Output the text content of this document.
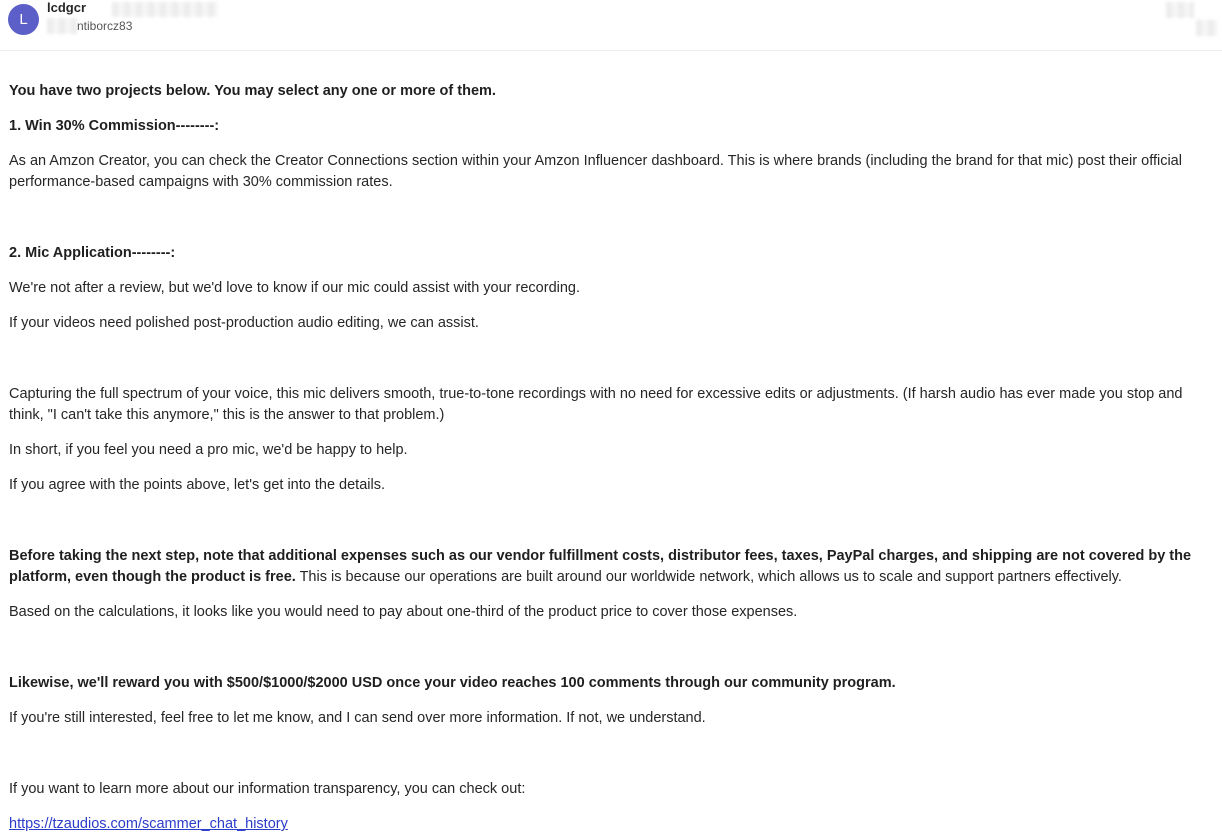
L
lcdgcr
ntiborcz83

You have two projects below. You may select any one or more of them.

1. Win 30% Commission--------:

As an Amzon Creator, you can check the Creator Connections section within your Amzon Influencer dashboard. This is where brands (including the brand for that mic) post their official performance-based campaigns with 30% commission rates.

2. Mic Application--------:

We're not after a review, but we'd love to know if our mic could assist with your recording.

If your videos need polished post-production audio editing, we can assist.

Capturing the full spectrum of your voice, this mic delivers smooth, true-to-tone recordings with no need for excessive edits or adjustments. (If harsh audio has ever made you stop and think, "I can't take this anymore," this is the answer to that problem.)

In short, if you feel you need a pro mic, we'd be happy to help.

If you agree with the points above, let's get into the details.

Before taking the next step, note that additional expenses such as our vendor fulfillment costs, distributor fees, taxes, PayPal charges, and shipping are not covered by the platform, even though the product is free. This is because our operations are built around our worldwide network, which allows us to scale and support partners effectively.

Based on the calculations, it looks like you would need to pay about one-third of the product price to cover those expenses.

Likewise, we'll reward you with $500/$1000/$2000 USD once your video reaches 100 comments through our community program.

If you're still interested, feel free to let me know, and I can send over more information. If not, we understand.

If you want to learn more about our information transparency, you can check out:

https://tzaudios.com/scammer_chat_history
